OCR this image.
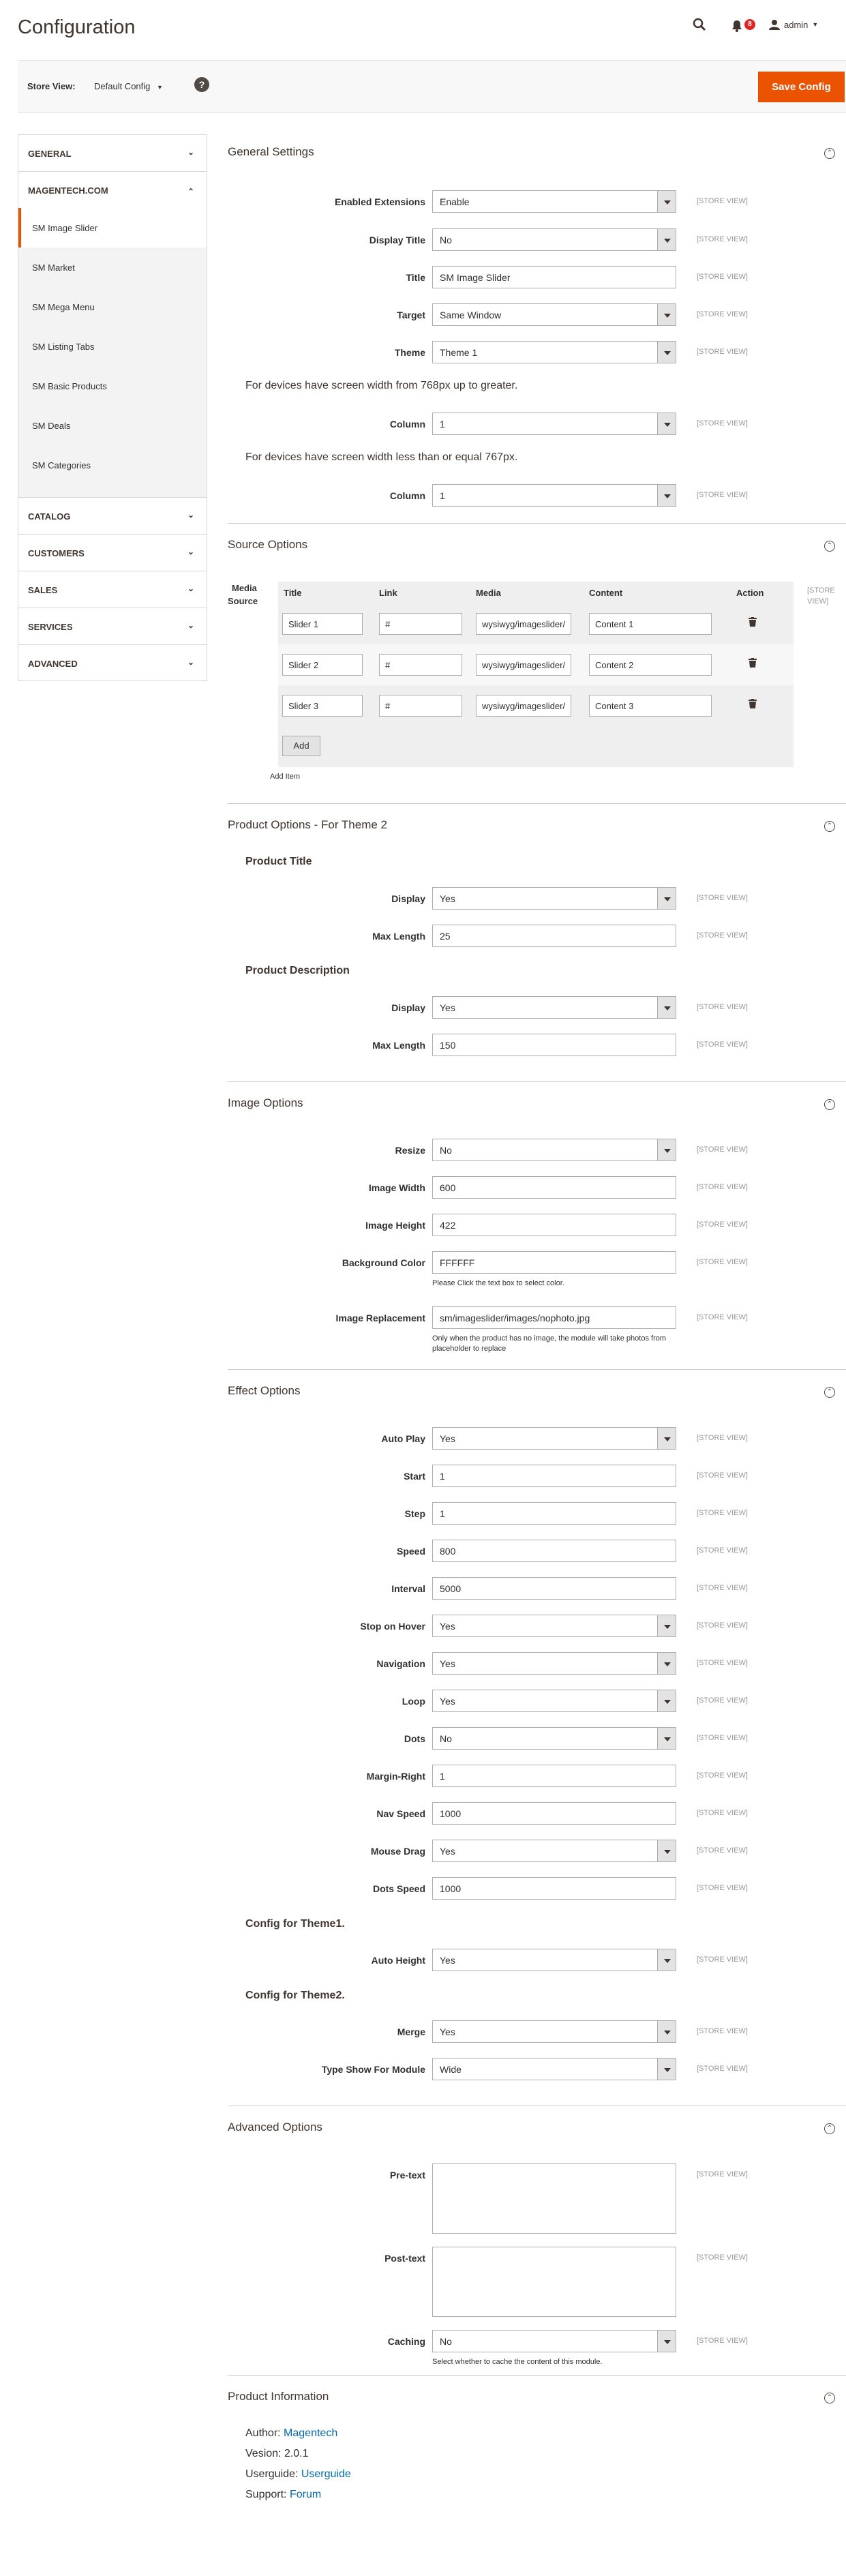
Configuration	8	admin ▼
Store View: Default Config ▼	?	Save Config
GENERAL	⌄
MAGENTECH.COM	⌃
SM Image Slider
SM Market
SM Mega Menu
SM Listing Tabs
SM Basic Products
SM Deals
SM Categories
CATALOG	⌄
CUSTOMERS	⌄
SALES	⌄
SERVICES	⌄
ADVANCED	⌄
General Settings	⌃
Enabled Extensions	Enable	[STORE VIEW]
Display Title	No	[STORE VIEW]
Title	SM Image Slider	[STORE VIEW]
Target	Same Window	[STORE VIEW]
Theme	Theme 1	[STORE VIEW]
For devices have screen width from 768px up to greater.
Column	1	[STORE VIEW]
For devices have screen width less than or equal 767px.
Column	1	[STORE VIEW]
Source Options	⌃
Media
Source
Title	Link	Media	Content	Action
Slider 1	#	wysiwyg/imageslider/	Content 1
Slider 2	#	wysiwyg/imageslider/	Content 2
Slider 3	#	wysiwyg/imageslider/	Content 3
Add
[STORE
VIEW]
Add Item
Product Options - For Theme 2	⌃
Product Title
Display	Yes	[STORE VIEW]
Max Length	25	[STORE VIEW]
Product Description
Display	Yes	[STORE VIEW]
Max Length	150	[STORE VIEW]
Image Options	⌃
Resize	No	[STORE VIEW]
Image Width	600	[STORE VIEW]
Image Height	422	[STORE VIEW]
Background Color	FFFFFF	[STORE VIEW]
Please Click the text box to select color.
Image Replacement	sm/imageslider/images/nophoto.jpg	[STORE VIEW]
Only when the product has no image, the module will take photos from placeholder to replace
Effect Options	⌃
Auto Play	Yes	[STORE VIEW]
Start	1	[STORE VIEW]
Step	1	[STORE VIEW]
Speed	800	[STORE VIEW]
Interval	5000	[STORE VIEW]
Stop on Hover	Yes	[STORE VIEW]
Navigation	Yes	[STORE VIEW]
Loop	Yes	[STORE VIEW]
Dots	No	[STORE VIEW]
Margin-Right	1	[STORE VIEW]
Nav Speed	1000	[STORE VIEW]
Mouse Drag	Yes	[STORE VIEW]
Dots Speed	1000	[STORE VIEW]
Config for Theme1.
Auto Height	Yes	[STORE VIEW]
Config for Theme2.
Merge	Yes	[STORE VIEW]
Type Show For Module	Wide	[STORE VIEW]
Advanced Options	⌃
Pre-text	[STORE VIEW]
Post-text	[STORE VIEW]
Caching	No	[STORE VIEW]
Select whether to cache the content of this module.
Product Information	⌃
Author: Magentech
Vesion: 2.0.1
Userguide: Userguide
Support: Forum
